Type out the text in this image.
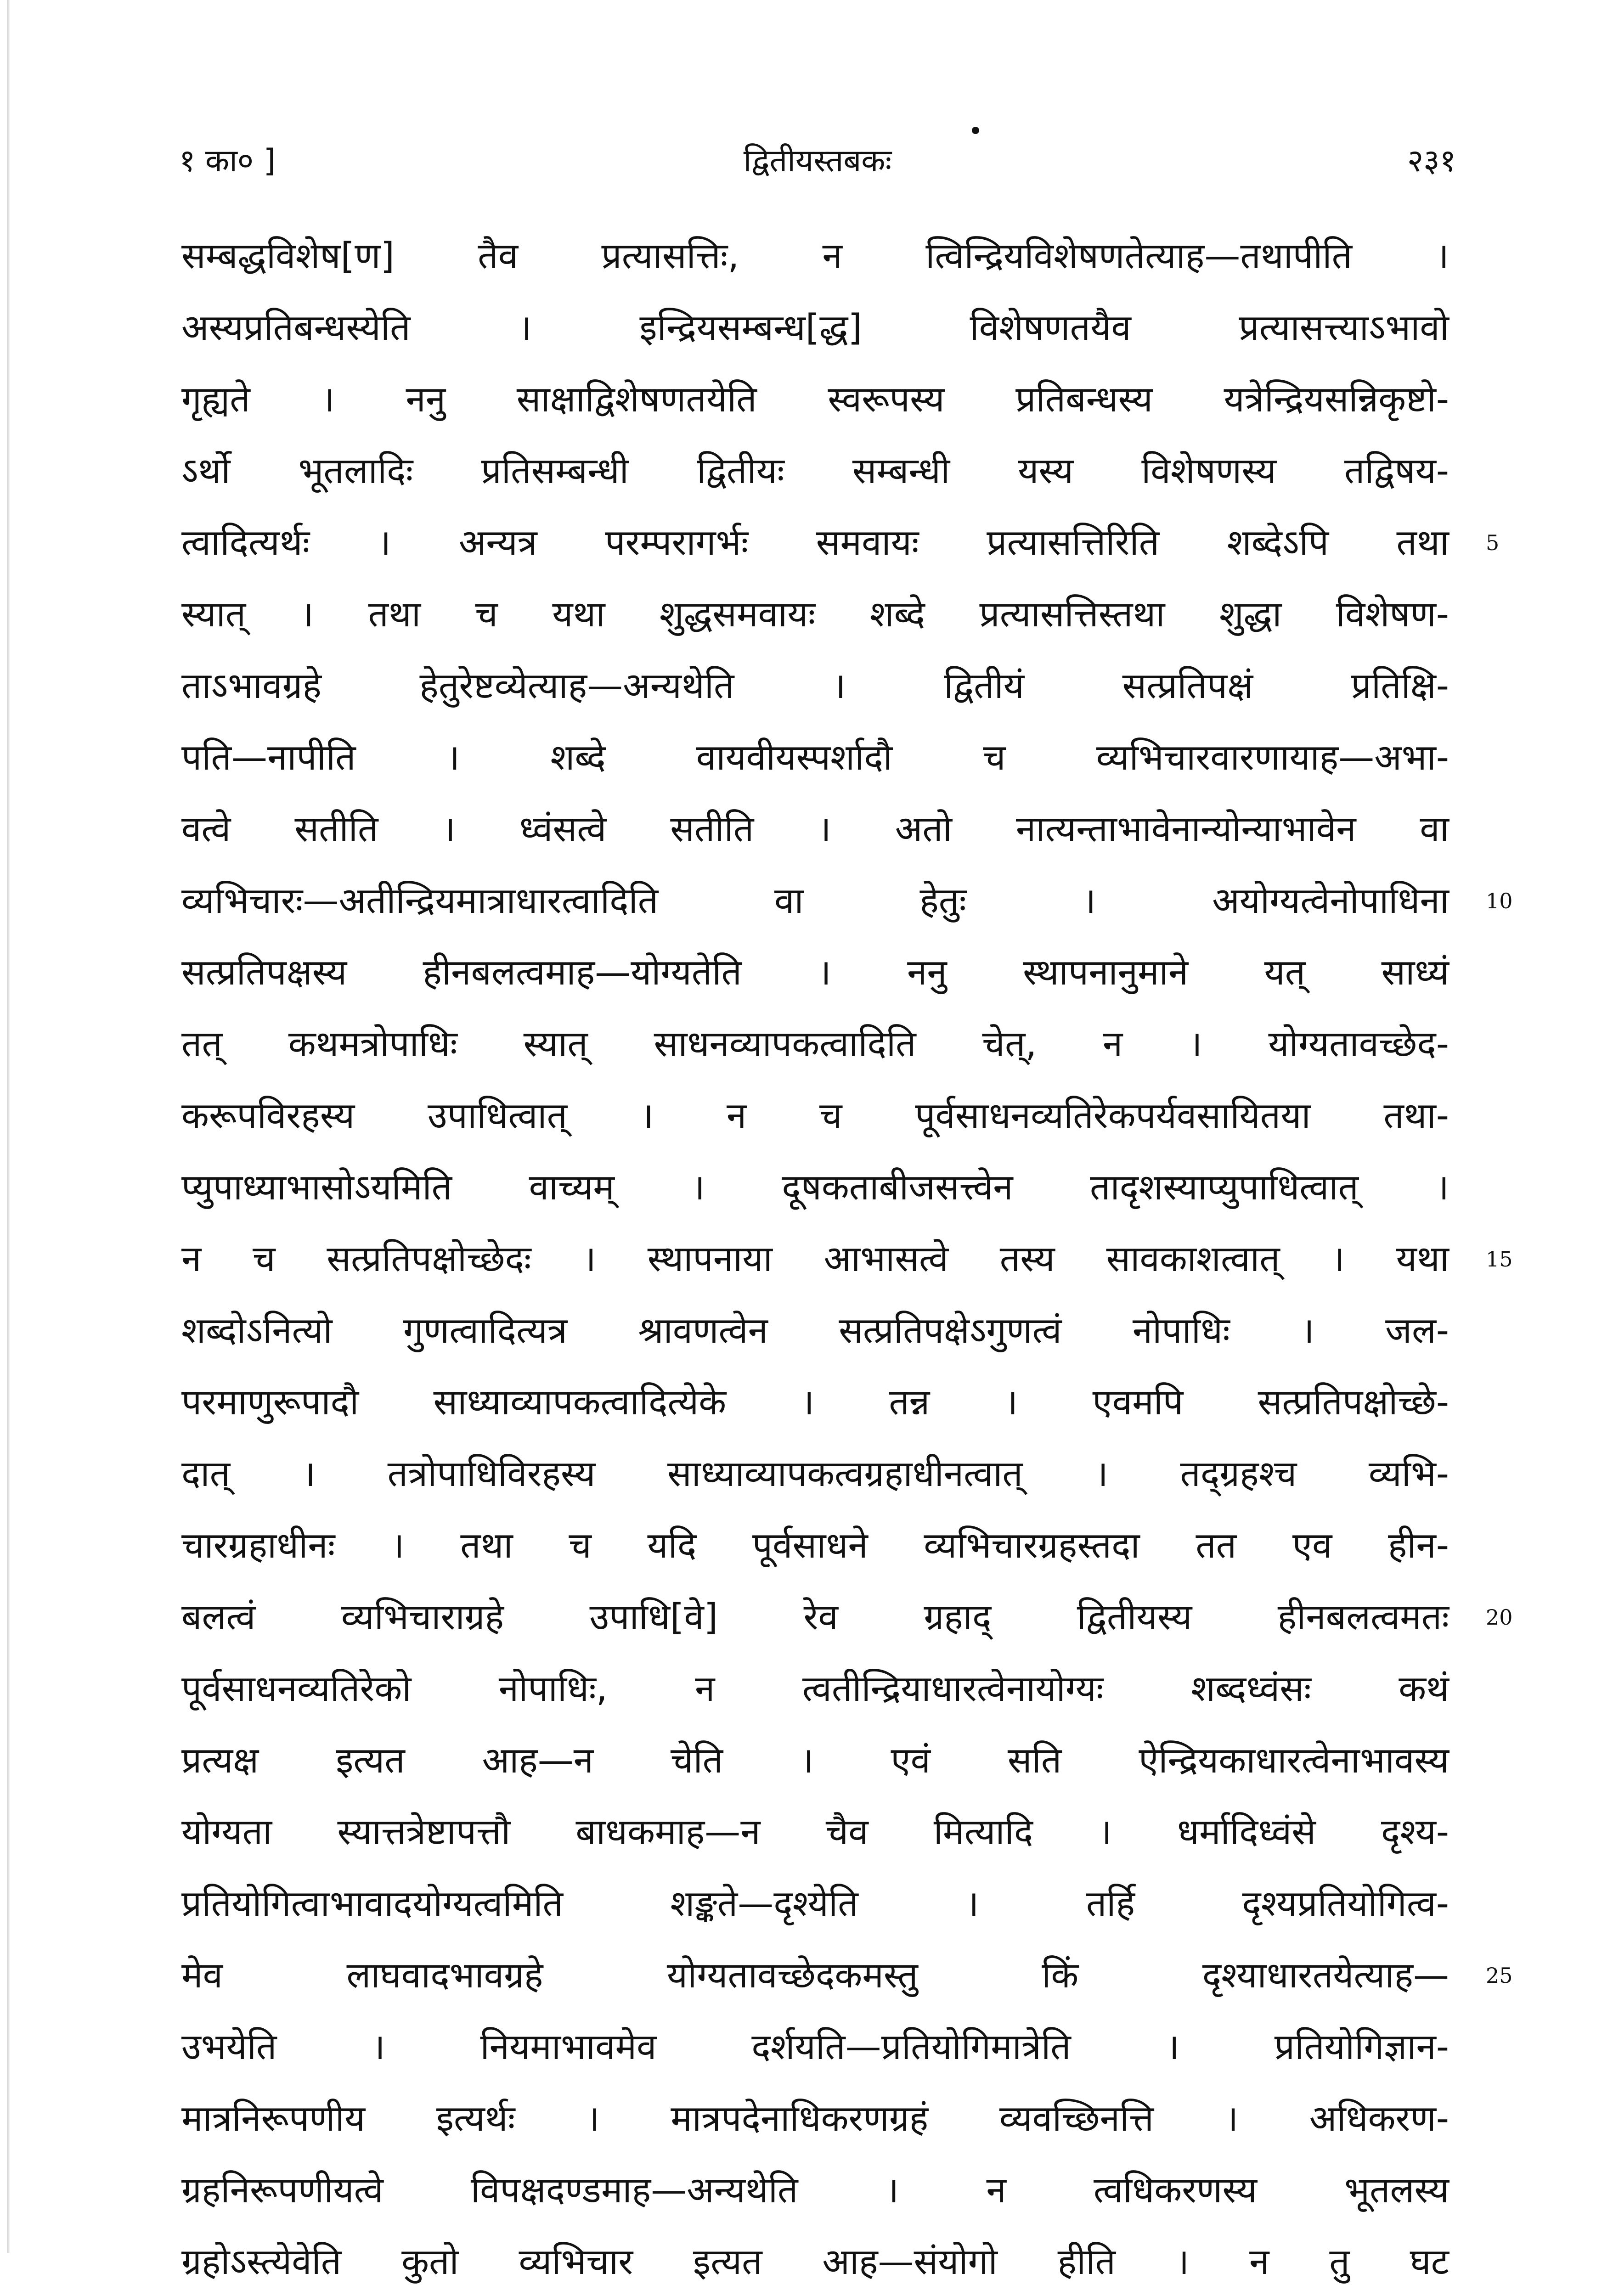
१ का० ]	द्वितीयस्तबकः	२३१
सम्बद्धविशेष[ण] तैव प्रत्यासत्तिः, न त्विन्द्रियविशेषणतेत्याह—तथापीति ।
अस्यप्रतिबन्धस्येति । इन्द्रियसम्बन्ध[द्ध] विशेषणतयैव प्रत्यासत्त्याऽभावो
गृह्यते । ननु साक्षाद्विशेषणतयेति स्वरूपस्य प्रतिबन्धस्य यत्रेन्द्रियसन्निकृष्टो-
ऽर्थो भूतलादिः प्रतिसम्बन्धी द्वितीयः सम्बन्धी यस्य विशेषणस्य तद्विषय-
त्वादित्यर्थः । अन्यत्र परम्परागर्भः समवायः प्रत्यासत्तिरिति शब्देऽपि तथा 5
स्यात् । तथा च यथा शुद्धसमवायः शब्दे प्रत्यासत्तिस्तथा शुद्धा विशेषण-
ताऽभावग्रहे हेतुरेष्टव्येत्याह—अन्यथेति । द्वितीयं सत्प्रतिपक्षं प्रतिक्षि-
पति—नापीति । शब्दे वायवीयस्पर्शादौ च व्यभिचारवारणायाह—अभा-
वत्वे सतीति । ध्वंसत्वे सतीति । अतो नात्यन्ताभावेनान्योन्याभावेन वा
व्यभिचारः—अतीन्द्रियमात्राधारत्वादिति वा हेतुः । अयोग्यत्वेनोपाधिना 10
सत्प्रतिपक्षस्य हीनबलत्वमाह—योग्यतेति । ननु स्थापनानुमाने यत् साध्यं
तत् कथमत्रोपाधिः स्यात् साधनव्यापकत्वादिति चेत्, न । योग्यतावच्छेद-
करूपविरहस्य उपाधित्वात् । न च पूर्वसाधनव्यतिरेकपर्यवसायितया तथा-
प्युपाध्याभासोऽयमिति वाच्यम् । दूषकताबीजसत्त्वेन तादृशस्याप्युपाधित्वात् ।
न च सत्प्रतिपक्षोच्छेदः । स्थापनाया आभासत्वे तस्य सावकाशत्वात् । यथा 15
शब्दोऽनित्यो गुणत्वादित्यत्र श्रावणत्वेन सत्प्रतिपक्षेऽगुणत्वं नोपाधिः । जल-
परमाणुरूपादौ साध्याव्यापकत्वादित्येके । तन्न । एवमपि सत्प्रतिपक्षोच्छे-
दात् । तत्रोपाधिविरहस्य साध्याव्यापकत्वग्रहाधीनत्वात् । तद्ग्रहश्च व्यभि-
चारग्रहाधीनः । तथा च यदि पूर्वसाधने व्यभिचारग्रहस्तदा तत एव हीन-
बलत्वं व्यभिचाराग्रहे उपाधि[वे] रेव ग्रहाद् द्वितीयस्य हीनबलत्वमतः 20
पूर्वसाधनव्यतिरेको नोपाधिः, न त्वतीन्द्रियाधारत्वेनायोग्यः शब्दध्वंसः कथं
प्रत्यक्ष इत्यत आह—न चेति । एवं सति ऐन्द्रियकाधारत्वेनाभावस्य
योग्यता स्यात्तत्रेष्टापत्तौ बाधकमाह—न चैव मित्यादि । धर्मादिध्वंसे दृश्य-
प्रतियोगित्वाभावादयोग्यत्वमिति शङ्कते—दृश्येति । तर्हि दृश्यप्रतियोगित्व-
मेव लाघवादभावग्रहे योग्यतावच्छेदकमस्तु किं दृश्याधारतयेत्याह— 25
उभयेति । नियमाभावमेव दर्शयति—प्रतियोगिमात्रेति । प्रतियोगिज्ञान-
मात्रनिरूपणीय इत्यर्थः । मात्रपदेनाधिकरणग्रहं व्यवच्छिनत्ति । अधिकरण-
ग्रहनिरूपणीयत्वे विपक्षदण्डमाह—अन्यथेति । न त्वधिकरणस्य भूतलस्य
ग्रहोऽस्त्येवेति कुतो व्यभिचार इत्यत आह—संयोगो हीति । न तु घट
